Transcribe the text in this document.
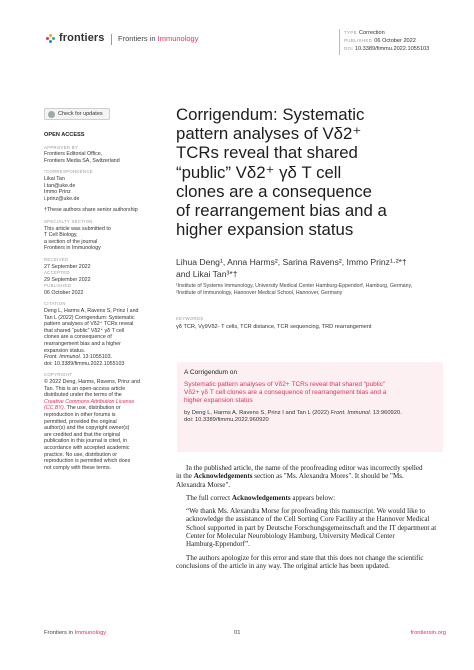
frontiers Frontiers in Immunology
TYPE Correction
PUBLISHED 06 October 2022
DOI 10.3389/fimmu.2022.1055103
Check for updates
OPEN ACCESS
APPROVED BY
Frontiers Editorial Office,
Frontiers Media SA, Switzerland
*CORRESPONDENCE
Likai Tan
l.tan@uke.de
Immo Prinz
i.prinz@uke.de
†These authors share senior authorship
SPECIALTY SECTION
This article was submitted to
T Cell Biology,
a section of the journal
Frontiers in Immunology
RECEIVED
27 September 2022
ACCEPTED
29 September 2022
PUBLISHED
06 October 2022
CITATION
Deng L, Harms A, Ravens S, Prinz I and
Tan L (2022) Corrigendum: Systematic
pattern analyses of Vδ2⁺ TCRs reveal
that shared “public” Vδ2⁺ γδ T cell
clones are a consequence of
rearrangement bias and a higher
expansion status.
Front. Immunol. 13:1055103.
doi: 10.3389/fimmu.2022.1055103
COPYRIGHT
© 2022 Deng, Harms, Ravens, Prinz and
Tan. This is an open-access article
distributed under the terms of the
Creative Commons Attribution License
(CC BY). The use, distribution or
reproduction in other forums is
permitted, provided the original
author(s) and the copyright owner(s)
are credited and that the original
publication in this journal is cited, in
accordance with accepted academic
practice. No use, distribution or
reproduction is permitted which does
not comply with these terms.
Corrigendum: Systematic
pattern analyses of Vδ2⁺
TCRs reveal that shared
“public” Vδ2⁺ γδ T cell
clones are a consequence
of rearrangement bias and a
higher expansion status
Lihua Deng¹, Anna Harms², Sarina Ravens², Immo Prinz¹·²*†
and Likai Tan³*†
¹Institute of Systems Immunology, University Medical Center Hamburg-Eppendorf, Hamburg, Germany,
²Institute of Immunology, Hannover Medical School, Hannover, Germany
KEYWORDS
γδ TCR, Vγ9Vδ2- T cells, TCR distance, TCR sequencing, TRD rearrangement
A Corrigendum on
Systematic pattern analyses of Vδ2+ TCRs reveal that shared “public”
Vδ2+ γδ T cell clones are a consequence of rearrangement bias and a
higher expansion status
by Deng L, Harms A, Ravens S, Prinz I and Tan L (2022) Front. Immunol. 13:960920.
doi: 10.3389/fimmu.2022.960920
In the published article, the name of the proofreading editor was incorrectly spelled
in the Acknowledgements section as "Ms. Alexandra Mores". It should be "Ms.
Alexandra Morse".
The full correct Acknowledgements appears below:
“We thank Ms. Alexandra Morse for proofreading this manuscript. We would like to
acknowledge the assistance of the Cell Sorting Core Facility at the Hannover Medical
School supported in part by Deutsche Forschungsgemeinschaft and the IT department at
Center for Molecular Neurobiology Hamburg, University Medical Center
Hamburg-Eppendorf”.
The authors apologize for this error and state that this does not change the scientific
conclusions of the article in any way. The original article has been updated.
Frontiers in Immunology	01	frontiersin.org
